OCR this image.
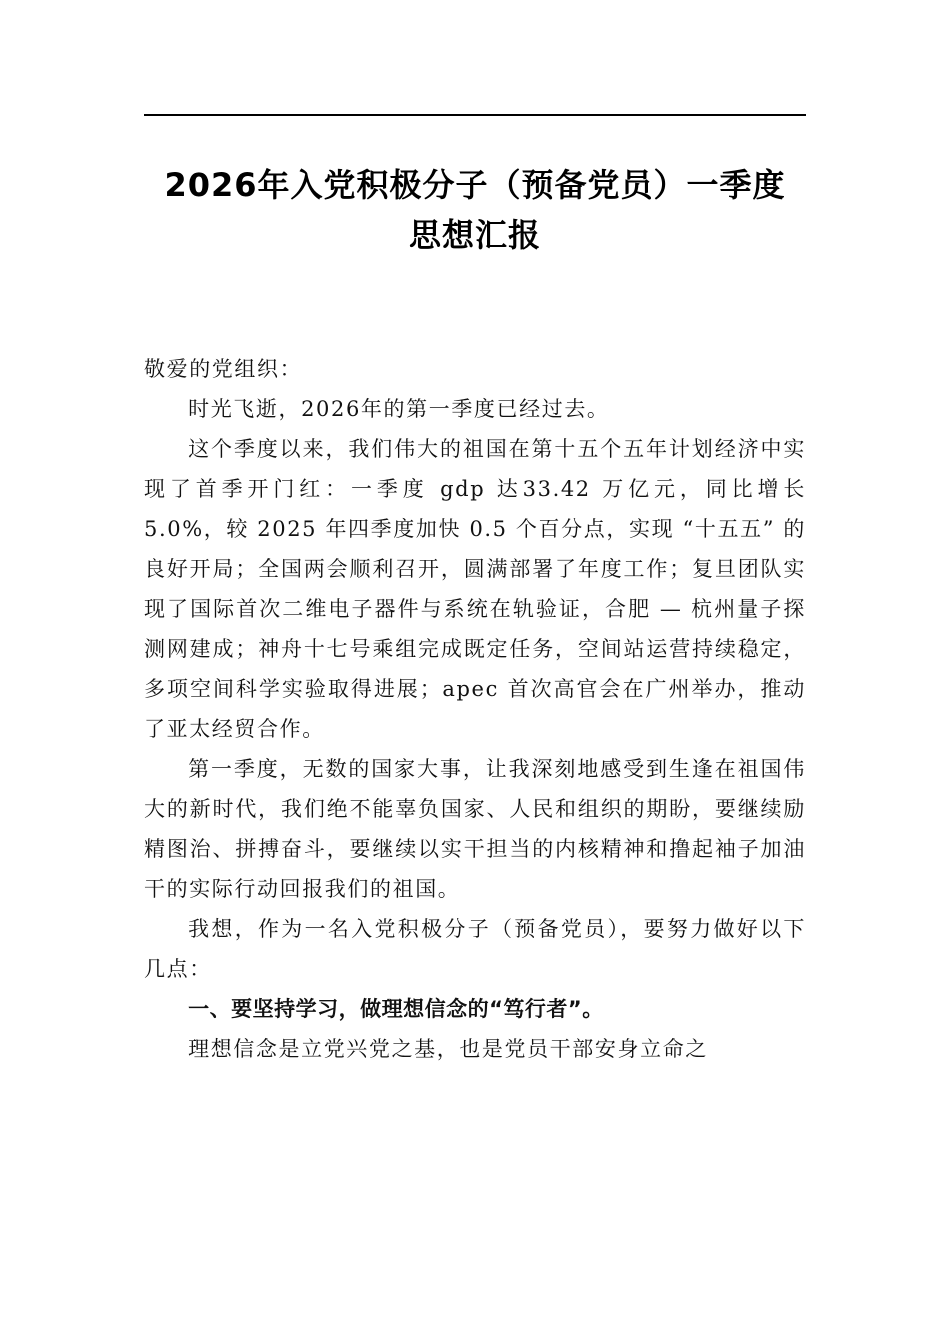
2026年入党积极分子（预备党员）一季度
思想汇报

敬爱的党组织：

时光飞逝，2026年的第一季度已经过去。

这个季度以来，我们伟大的祖国在第十五个五年计划经济中实现了首季开门红：一季度 gdp 达33.42 万亿元，同比增长5.0%，较 2025 年四季度加快 0.5 个百分点，实现 “十五五” 的良好开局；全国两会顺利召开，圆满部署了年度工作；复旦团队实现了国际首次二维电子器件与系统在轨验证，合肥 — 杭州量子探测网建成；神舟十七号乘组完成既定任务，空间站运营持续稳定，多项空间科学实验取得进展；apec 首次高官会在广州举办，推动了亚太经贸合作。

第一季度，无数的国家大事，让我深刻地感受到生逢在祖国伟大的新时代，我们绝不能辜负国家、人民和组织的期盼，要继续励精图治、拼搏奋斗，要继续以实干担当的内核精神和撸起袖子加油干的实际行动回报我们的祖国。

我想，作为一名入党积极分子（预备党员），要努力做好以下几点：

一、要坚持学习，做理想信念的“笃行者”。

理想信念是立党兴党之基，也是党员干部安身立命之
